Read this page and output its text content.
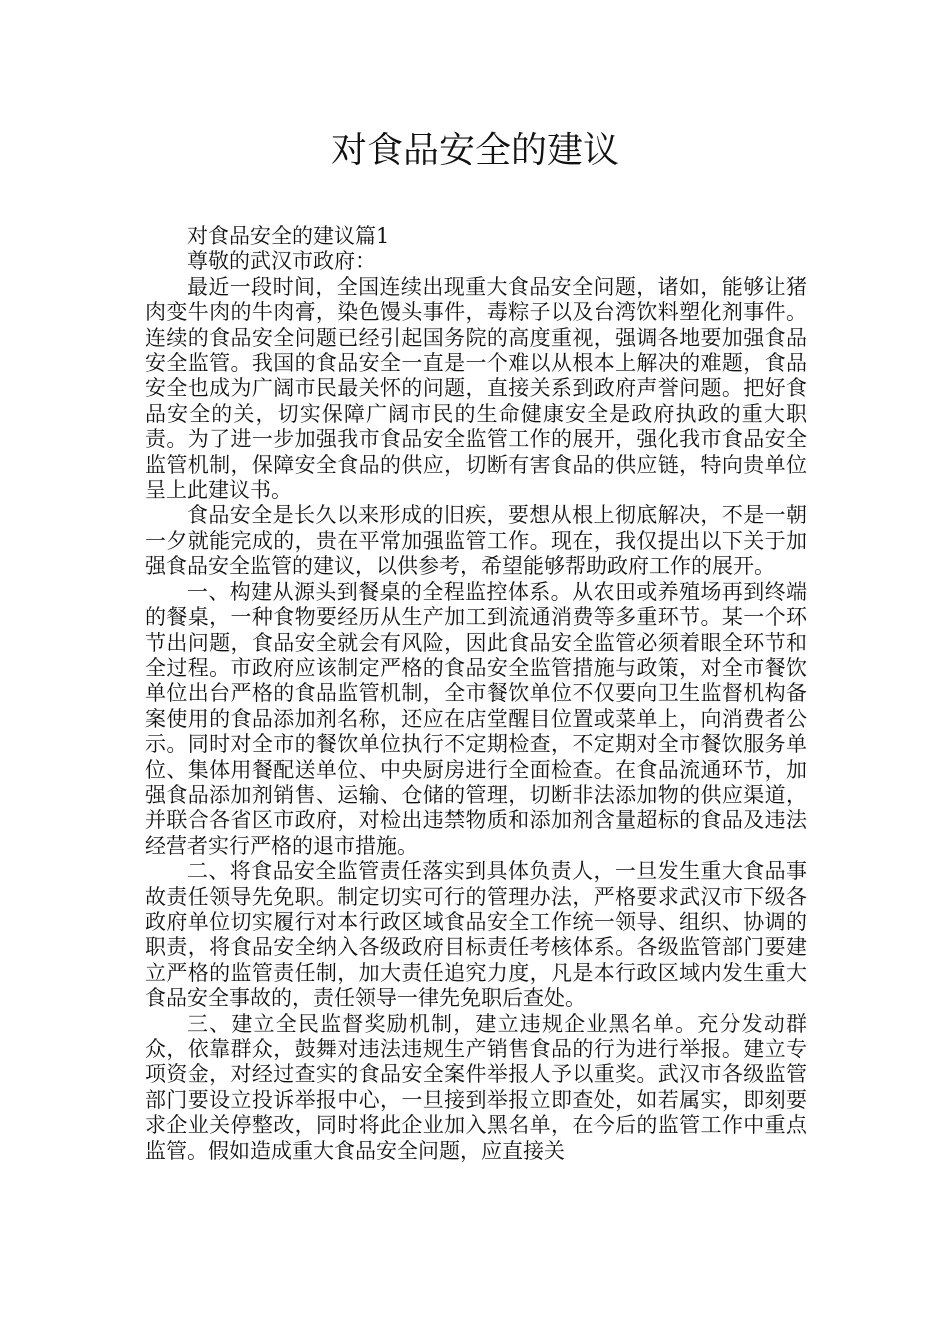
对食品安全的建议

对食品安全的建议篇1

尊敬的武汉市政府：

最近一段时间，全国连续出现重大食品安全问题，诸如，能够让猪肉变牛肉的牛肉膏，染色馒头事件，毒粽子以及台湾饮料塑化剂事件。连续的食品安全问题已经引起国务院的高度重视，强调各地要加强食品安全监管。我国的食品安全一直是一个难以从根本上解决的难题，食品安全也成为广阔市民最关怀的问题，直接关系到政府声誉问题。把好食品安全的关，切实保障广阔市民的生命健康安全是政府执政的重大职责。为了进一步加强我市食品安全监管工作的展开，强化我市食品安全监管机制，保障安全食品的供应，切断有害食品的供应链，特向贵单位呈上此建议书。

食品安全是长久以来形成的旧疾，要想从根上彻底解决，不是一朝一夕就能完成的，贵在平常加强监管工作。现在，我仅提出以下关于加强食品安全监管的建议，以供参考，希望能够帮助政府工作的展开。

一、构建从源头到餐桌的全程监控体系。从农田或养殖场再到终端的餐桌，一种食物要经历从生产加工到流通消费等多重环节。某一个环节出问题，食品安全就会有风险，因此食品安全监管必须着眼全环节和全过程。市政府应该制定严格的食品安全监管措施与政策，对全市餐饮单位出台严格的食品监管机制，全市餐饮单位不仅要向卫生监督机构备案使用的食品添加剂名称，还应在店堂醒目位置或菜单上，向消费者公示。同时对全市的餐饮单位执行不定期检查，不定期对全市餐饮服务单位、集体用餐配送单位、中央厨房进行全面检查。在食品流通环节，加强食品添加剂销售、运输、仓储的管理，切断非法添加物的供应渠道，并联合各省区市政府，对检出违禁物质和添加剂含量超标的食品及违法经营者实行严格的退市措施。

二、将食品安全监管责任落实到具体负责人，一旦发生重大食品事故责任领导先免职。制定切实可行的管理办法，严格要求武汉市下级各政府单位切实履行对本行政区域食品安全工作统一领导、组织、协调的职责，将食品安全纳入各级政府目标责任考核体系。各级监管部门要建立严格的监管责任制，加大责任追究力度，凡是本行政区域内发生重大食品安全事故的，责任领导一律先免职后查处。

三、建立全民监督奖励机制，建立违规企业黑名单。充分发动群众，依靠群众，鼓舞对违法违规生产销售食品的行为进行举报。建立专项资金，对经过查实的食品安全案件举报人予以重奖。武汉市各级监管部门要设立投诉举报中心，一旦接到举报立即查处，如若属实，即刻要求企业关停整改，同时将此企业加入黑名单，在今后的监管工作中重点监管。假如造成重大食品安全问题，应直接关
